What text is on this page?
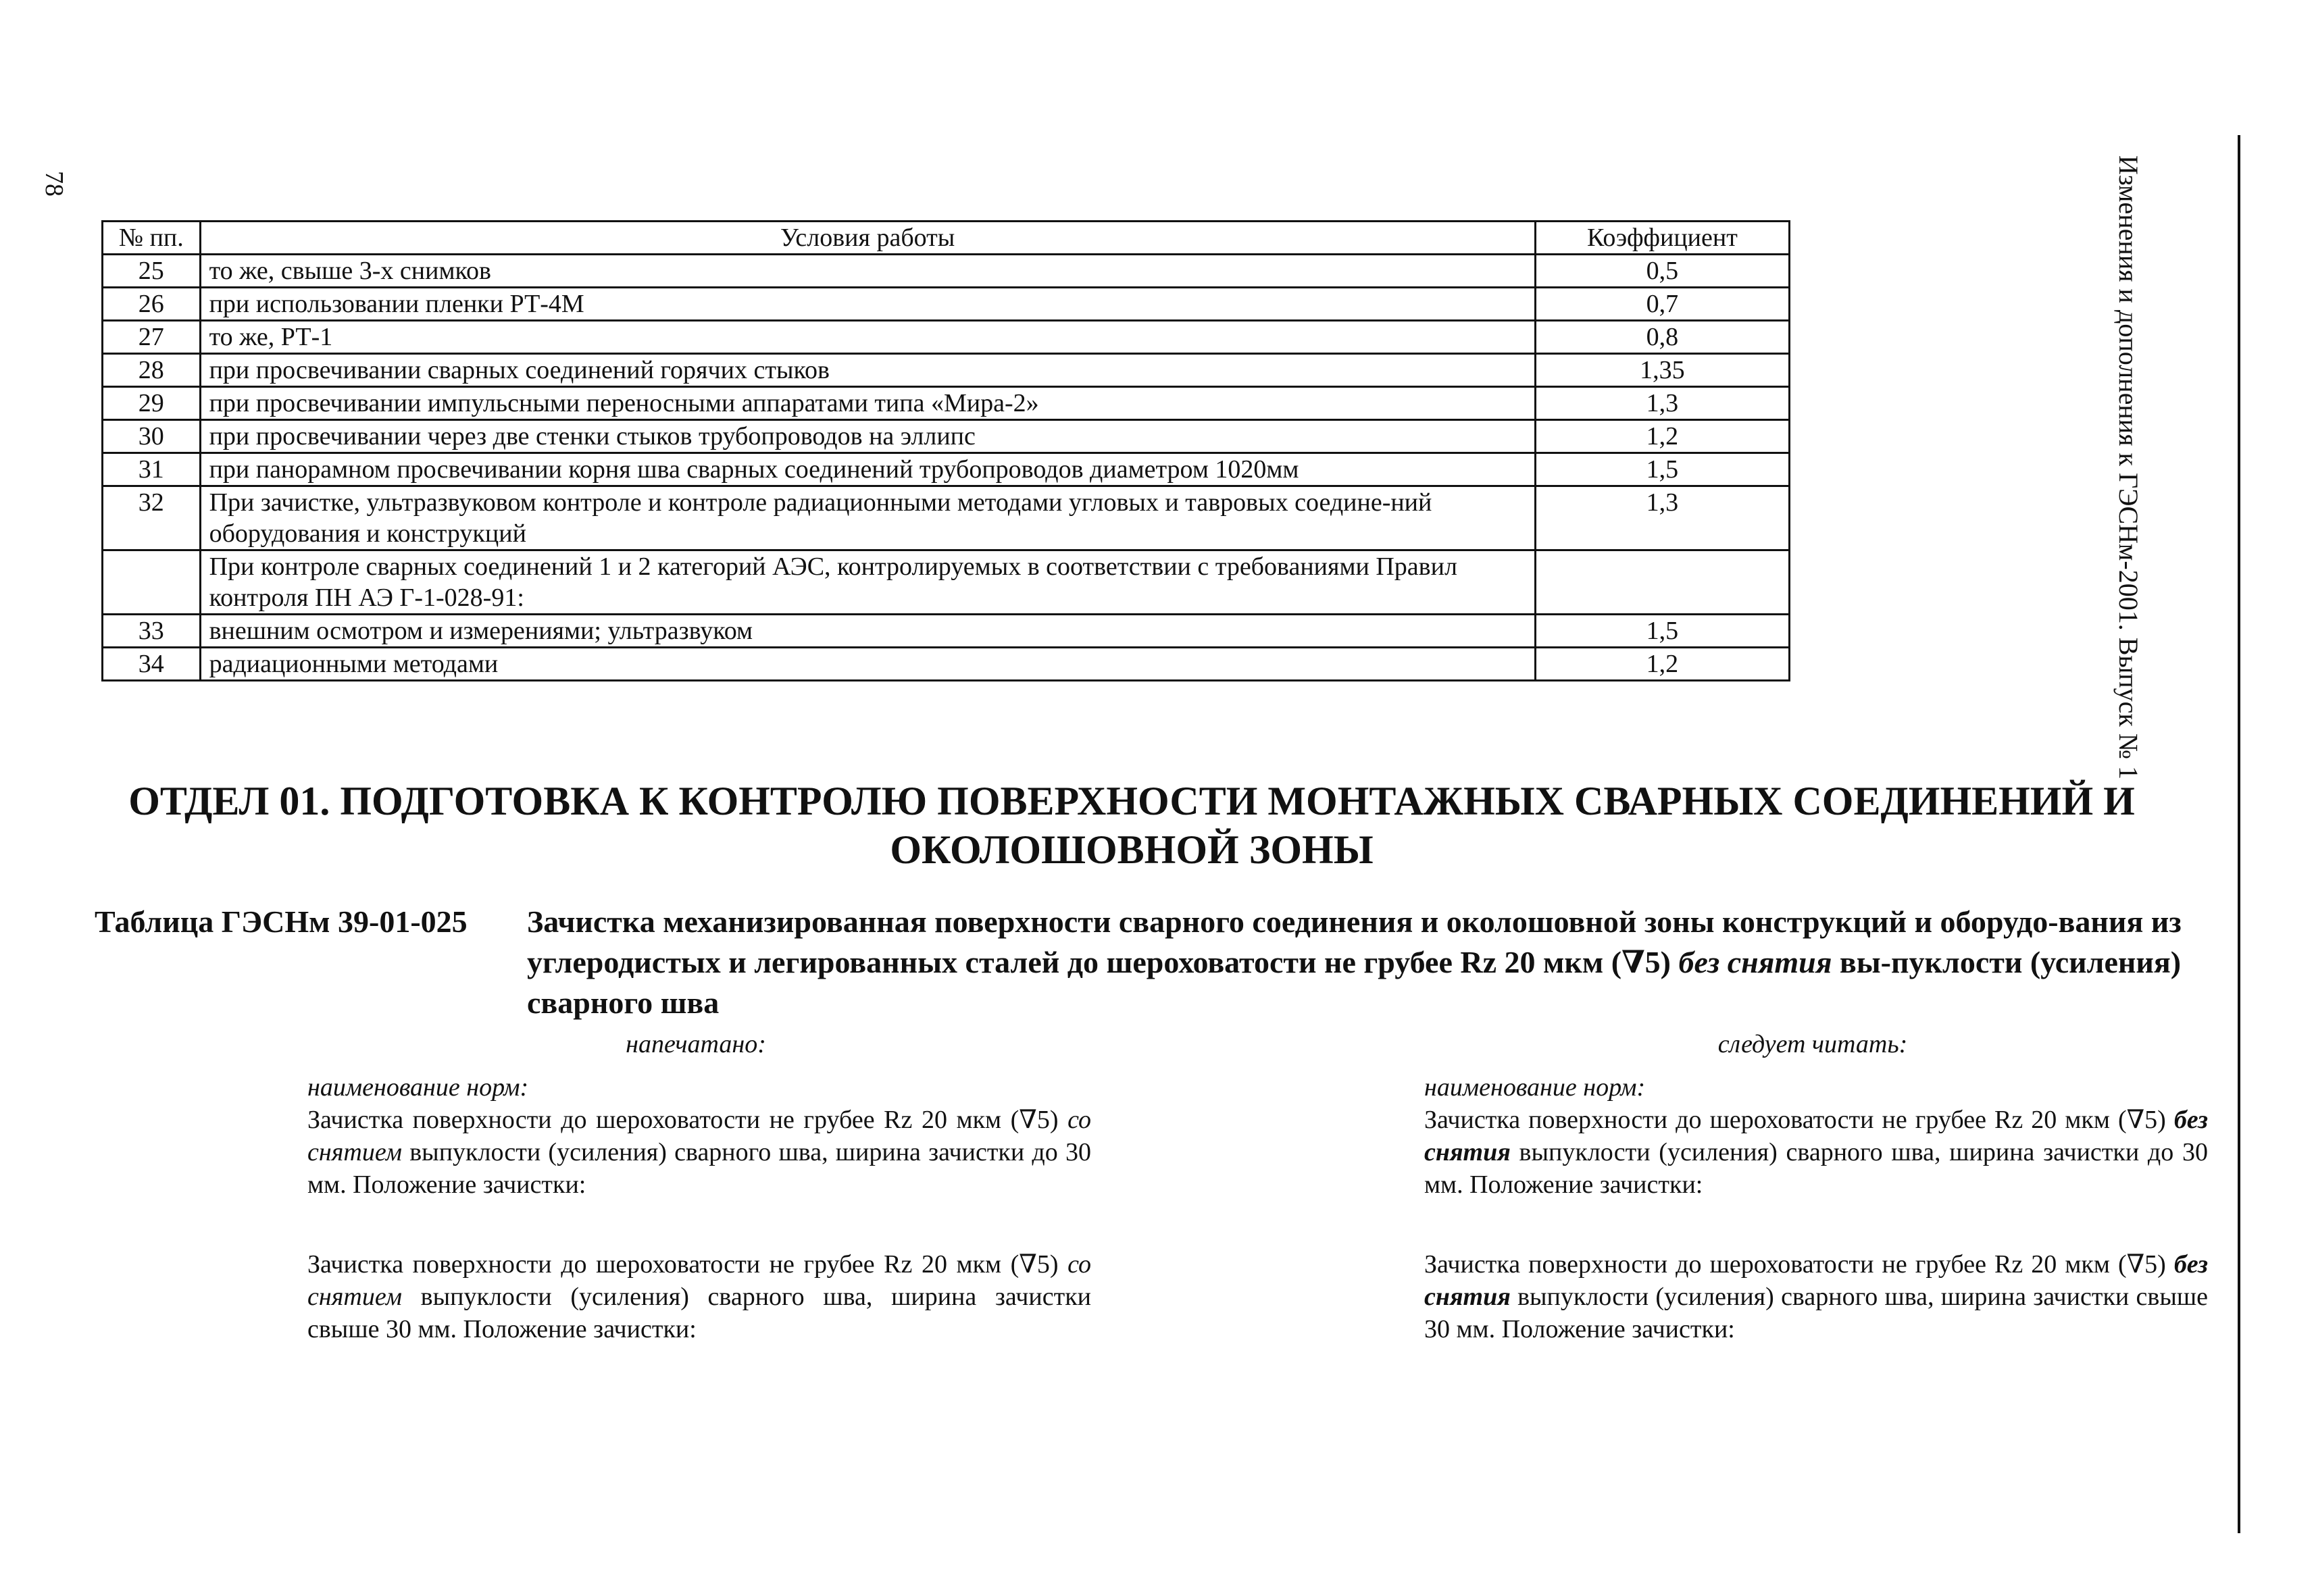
78	Изменения и дополнения к ГЭСНм-2001. Выпуск № 1
№ пп.	Условия работы	Коэффициент
25	то же, свыше 3-х снимков	0,5
26	при использовании пленки РТ-4М	0,7
27	то же, РТ-1	0,8
28	при просвечивании сварных соединений горячих стыков	1,35
29	при просвечивании импульсными переносными аппаратами типа «Мира-2»	1,3
30	при просвечивании через две стенки стыков трубопроводов на эллипс	1,2
31	при панорамном просвечивании корня шва сварных соединений трубопроводов диаметром 1020мм	1,5
32	При зачистке, ультразвуковом контроле и контроле радиационными методами угловых и тавровых соедине-ний оборудования и конструкций	1,3
	При контроле сварных соединений 1 и 2 категорий АЭС, контролируемых в соответствии с требованиями Правил контроля ПН АЭ Г-1-028-91:	
33	внешним осмотром и измерениями; ультразвуком	1,5
34	радиационными методами	1,2
ОТДЕЛ 01. ПОДГОТОВКА К КОНТРОЛЮ ПОВЕРХНОСТИ МОНТАЖНЫХ СВАРНЫХ СОЕДИНЕНИЙ И ОКОЛОШОВНОЙ ЗОНЫ
Таблица ГЭСНм 39-01-025 Зачистка механизированная поверхности сварного соединения и околошовной зоны конструкций и оборудо-вания из углеродистых и легированных сталей до шероховатости не грубее Rz 20 мкм (∇5) без снятия вы-пуклости (усиления) сварного шва
напечатано:	следует читать:
наименование норм:
Зачистка поверхности до шероховатости не грубее Rz 20 мкм (∇5) со снятием выпуклости (усиления) сварного шва, ширина зачистки до 30 мм. Положение зачистки:
Зачистка поверхности до шероховатости не грубее Rz 20 мкм (∇5) со снятием выпуклости (усиления) сварного шва, ширина зачистки свыше 30 мм. Положение зачистки:
наименование норм:
Зачистка поверхности до шероховатости не грубее Rz 20 мкм (∇5) без снятия выпуклости (усиления) сварного шва, ширина зачистки до 30 мм. Положение зачистки:
Зачистка поверхности до шероховатости не грубее Rz 20 мкм (∇5) без снятия выпуклости (усиления) сварного шва, ширина зачистки свыше 30 мм. Положение зачистки:
